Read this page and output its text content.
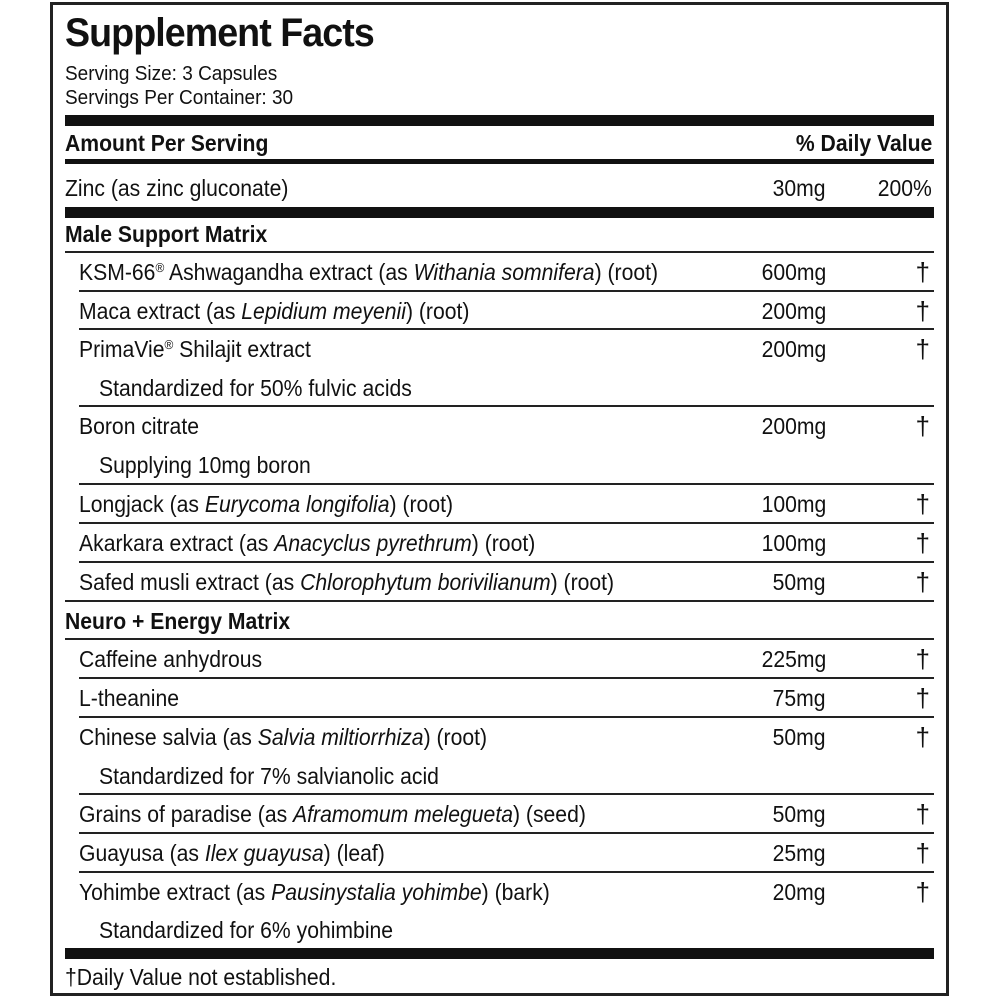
Supplement Facts
Serving Size: 3 Capsules
Servings Per Container: 30
Amount Per Serving	% Daily Value
Zinc (as zinc gluconate)	30mg 200%
Male Support Matrix
KSM-66® Ashwagandha extract (as Withania somnifera) (root)	600mg	†
Maca extract (as Lepidium meyenii) (root)	200mg	†
PrimaVie® Shilajit extract	200mg	†
Standardized for 50% fulvic acids
Boron citrate	200mg	†
Supplying 10mg boron
Longjack (as Eurycoma longifolia) (root)	100mg	†
Akarkara extract (as Anacyclus pyrethrum) (root)	100mg	†
Safed musli extract (as Chlorophytum borivilianum) (root)	50mg	†
Neuro + Energy Matrix
Caffeine anhydrous	225mg	†
L-theanine	75mg	†
Chinese salvia (as Salvia miltiorrhiza) (root)	50mg	†
Standardized for 7% salvianolic acid
Grains of paradise (as Aframomum melegueta) (seed)	50mg	†
Guayusa (as Ilex guayusa) (leaf)	25mg	†
Yohimbe extract (as Pausinystalia yohimbe) (bark)	20mg	†
Standardized for 6% yohimbine
†Daily Value not established.
